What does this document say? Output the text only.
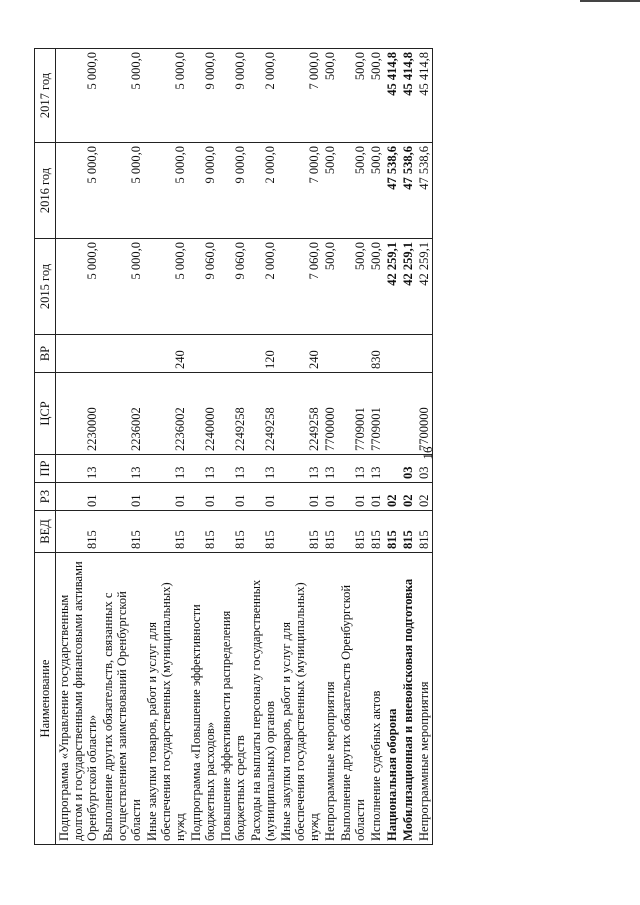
16
Наименование	ВЕД	РЗ	ПР	ЦСР	ВР	2015 год	2016 год	2017 год
Подпрограмма «Управление государственным долгом и государственными финансовыми активами Оренбургской области»	815	01	13	2230000		5 000,0	5 000,0	5 000,0
Выполнение других обязательств, связанных с осуществлением заимствований Оренбургской области	815	01	13	2236002		5 000,0	5 000,0	5 000,0
Иные закупки товаров, работ и услуг для обеспечения государственных (муниципальных) нужд	815	01	13	2236002	240	5 000,0	5 000,0	5 000,0
Подпрограмма «Повышение эффективности бюджетных расходов»	815	01	13	2240000		9 060,0	9 000,0	9 000,0
Повышение эффективности распределения бюджетных средств	815	01	13	2249258		9 060,0	9 000,0	9 000,0
Расходы на выплаты персоналу государственных (муниципальных) органов	815	01	13	2249258	120	2 000,0	2 000,0	2 000,0
Иные закупки товаров, работ и услуг для обеспечения государственных (муниципальных) нужд	815	01	13	2249258	240	7 060,0	7 000,0	7 000,0
Непрограммные мероприятия	815	01	13	7700000		500,0	500,0	500,0
Выполнение других обязательств Оренбургской области	815	01	13	7709001		500,0	500,0	500,0
Исполнение судебных актов	815	01	13	7709001	830	500,0	500,0	500,0
Национальная оборона	815	02				42 259,1	47 538,6	45 414,8
Мобилизационная и вневойсковая подготовка	815	02	03			42 259,1	47 538,6	45 414,8
Непрограммные мероприятия	815	02	03	7700000		42 259,1	47 538,6	45 414,8
